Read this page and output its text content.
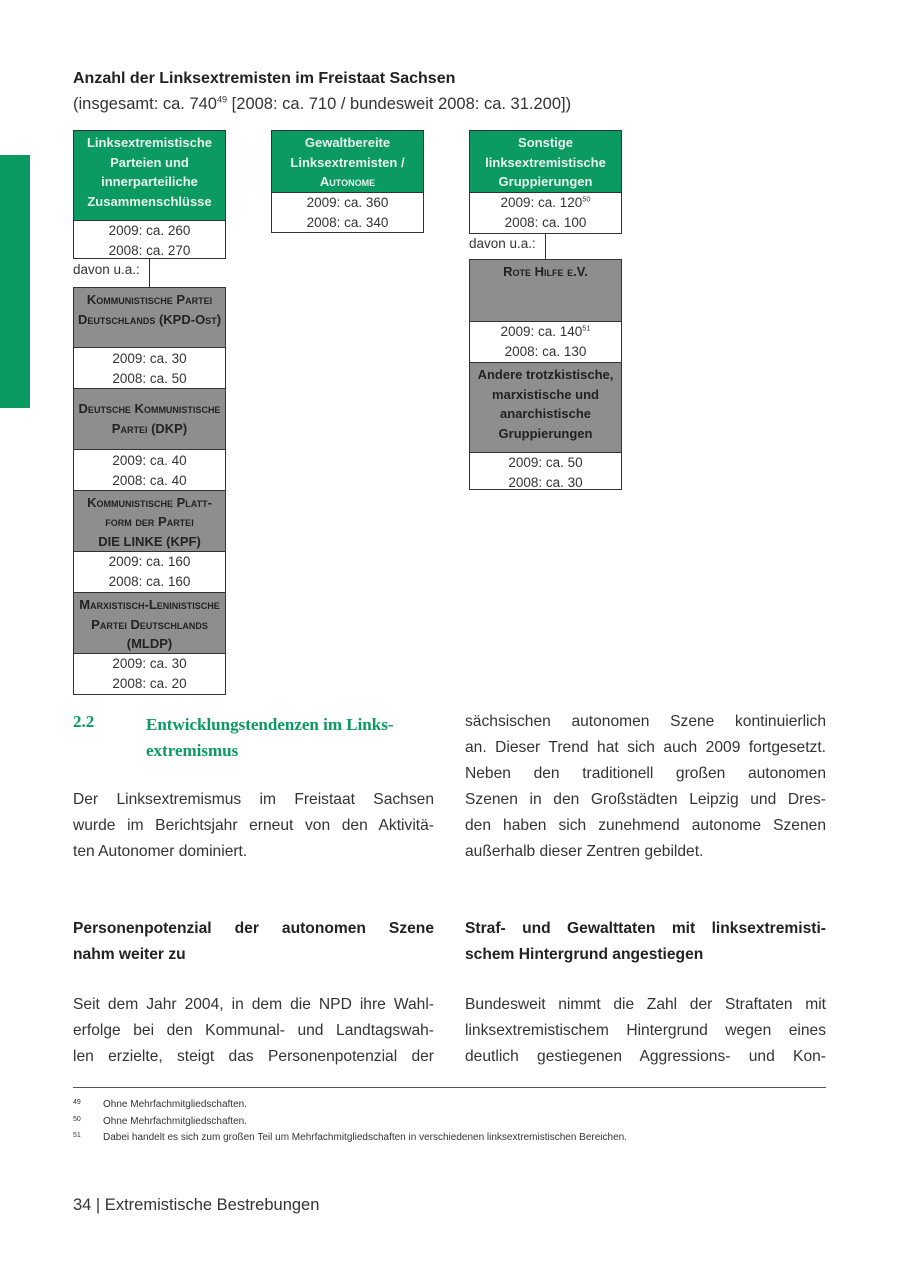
Anzahl der Linksextremisten im Freistaat Sachsen
(insgesamt: ca. $740^{49}$ [2008: ca. 710 / bundesweit 2008: ca. 31.200])
Linksextremistische Parteien und innerparteiliche Zusammenschlüsse
2009: ca. 260
2008: ca. 270
davon u.a.:
Kommunistische Partei Deutschlands (KPD-Ost)
2009: ca. 30
2008: ca. 50
Deutsche Kommunistische Partei (DKP)
2009: ca. 40
2008: ca. 40
Kommunistische Platt-form der Partei
DIE LINKE (KPF)
2009: ca. 160
2008: ca. 160
Marxistisch-Leninistische Partei Deutschlands (MLDP)
2009: ca. 30
2008: ca. 20
Gewaltbereite Linksextremisten /
Autonome
2009: ca. 360
2008: ca. 340
Sonstige linksextremistische Gruppierungen
2009: ca. $120^{50}$
2008: ca. 100
davon u.a.:
Rote Hilfe e.V.
2009: ca. $140^{51}$
2008: ca. 130
Andere trotzkistische, marxistische und anarchistische Gruppierungen
2009: ca. 50
2008: ca. 30
2.2	Entwicklungstendenzen im Links-extremismus
Der Linksextremismus im Freistaat Sachsen
wurde im Berichtsjahr erneut von den Aktivitä-
ten Autonomer dominiert.
sächsischen autonomen Szene kontinuierlich
an. Dieser Trend hat sich auch 2009 fortgesetzt.
Neben den traditionell großen autonomen
Szenen in den Großstädten Leipzig und Dres-
den haben sich zunehmend autonome Szenen
außerhalb dieser Zentren gebildet.
Personenpotenzial der autonomen Szene
nahm weiter zu
Straf- und Gewalttaten mit linksextremisti-
schem Hintergrund angestiegen
Seit dem Jahr 2004, in dem die NPD ihre Wahl-
erfolge bei den Kommunal- und Landtagswah-
len erzielte, steigt das Personenpotenzial der
Bundesweit nimmt die Zahl der Straftaten mit
linksextremistischem Hintergrund wegen eines
deutlich gestiegenen Aggressions- und Kon-
49 Ohne Mehrfachmitgliedschaften.
50 Ohne Mehrfachmitgliedschaften.
51 Dabei handelt es sich zum großen Teil um Mehrfachmitgliedschaften in verschiedenen linksextremistischen Bereichen.
34 | Extremistische Bestrebungen
